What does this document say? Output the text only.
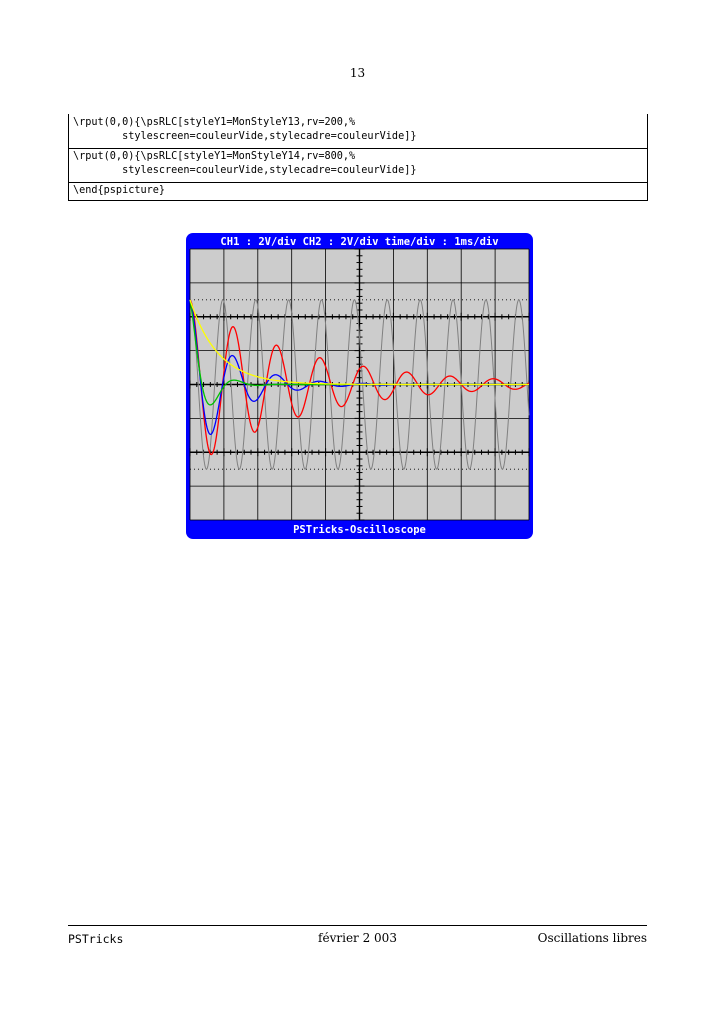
13
\rput(0,0){\psRLC[styleY1=MonStyleY13,rv=200,%
stylescreen=couleurVide,stylecadre=couleurVide]}
\rput(0,0){\psRLC[styleY1=MonStyleY14,rv=800,%
stylescreen=couleurVide,stylecadre=couleurVide]}
\end{pspicture}
CH1 : 2V/div CH2 : 2V/div time/div : 1ms/div
PSTricks-Oscilloscope
PSTricks	février 2 003	Oscillations libres
